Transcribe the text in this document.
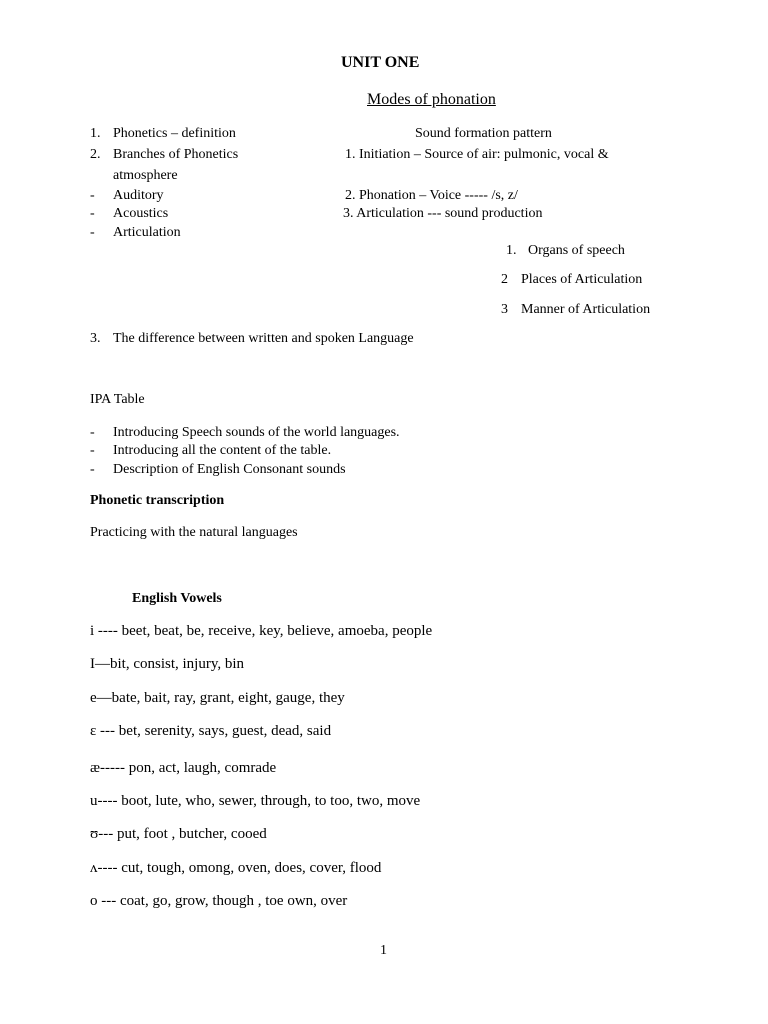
UNIT ONE
Modes of phonation
1. Phonetics – definition
2. Branches of Phonetics
atmosphere
- Auditory
- Acoustics
- Articulation
Sound formation pattern
1. Initiation – Source of air: pulmonic, vocal &
2. Phonation – Voice ----- /s, z/
3. Articulation --- sound production
1. Organs of speech
2 Places of Articulation
3 Manner of Articulation
3. The difference between written and spoken Language
IPA Table
- Introducing Speech sounds of the world languages.
- Introducing all the content of the table.
- Description of English Consonant sounds
Phonetic transcription
Practicing with the natural languages
English Vowels
i ---- beet, beat, be, receive, key, believe, amoeba, people
I—bit, consist, injury, bin
e—bate, bait, ray, grant, eight, gauge, they
ɛ --- bet, serenity, says, guest, dead, said
æ----- pon, act, laugh, comrade
u---- boot, lute, who, sewer, through, to too, two, move
ʊ--- put, foot , butcher, cooed
ʌ---- cut, tough, omong, oven, does, cover, flood
o --- coat, go, grow, though , toe own, over
1
